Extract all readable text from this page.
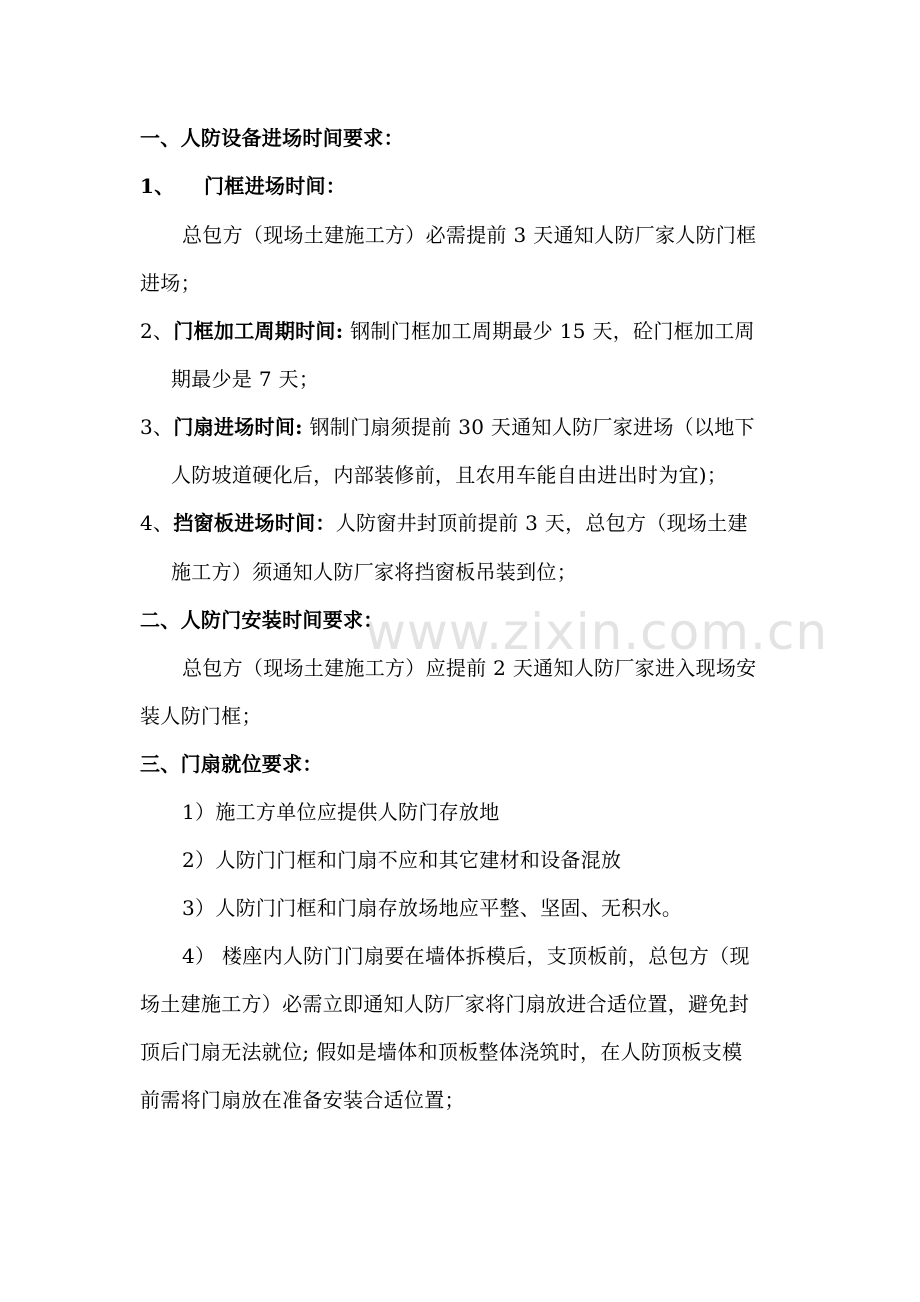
www.zixin.com.cn
一、人防设备进场时间要求：
1、 门框进场时间：
总包方（现场土建施工方）必需提前 3 天通知人防厂家人防门框
进场；
2、门框加工周期时间: 钢制门框加工周期最少 15 天，砼门框加工周
期最少是 7 天；
3、门扇进场时间: 钢制门扇须提前 30 天通知人防厂家进场（以地下
人防坡道硬化后，内部装修前，且农用车能自由进出时为宜)；
4、挡窗板进场时间：人防窗井封顶前提前 3 天，总包方（现场土建
施工方）须通知人防厂家将挡窗板吊装到位；
二、人防门安装时间要求：
总包方（现场土建施工方）应提前 2 天通知人防厂家进入现场安
装人防门框；
三、门扇就位要求：
1）施工方单位应提供人防门存放地
2）人防门门框和门扇不应和其它建材和设备混放
3）人防门门框和门扇存放场地应平整、坚固、无积水。
4） 楼座内人防门门扇要在墙体拆模后，支顶板前，总包方（现
场土建施工方）必需立即通知人防厂家将门扇放进合适位置，避免封
顶后门扇无法就位; 假如是墙体和顶板整体浇筑时，在人防顶板支模
前需将门扇放在准备安装合适位置；
